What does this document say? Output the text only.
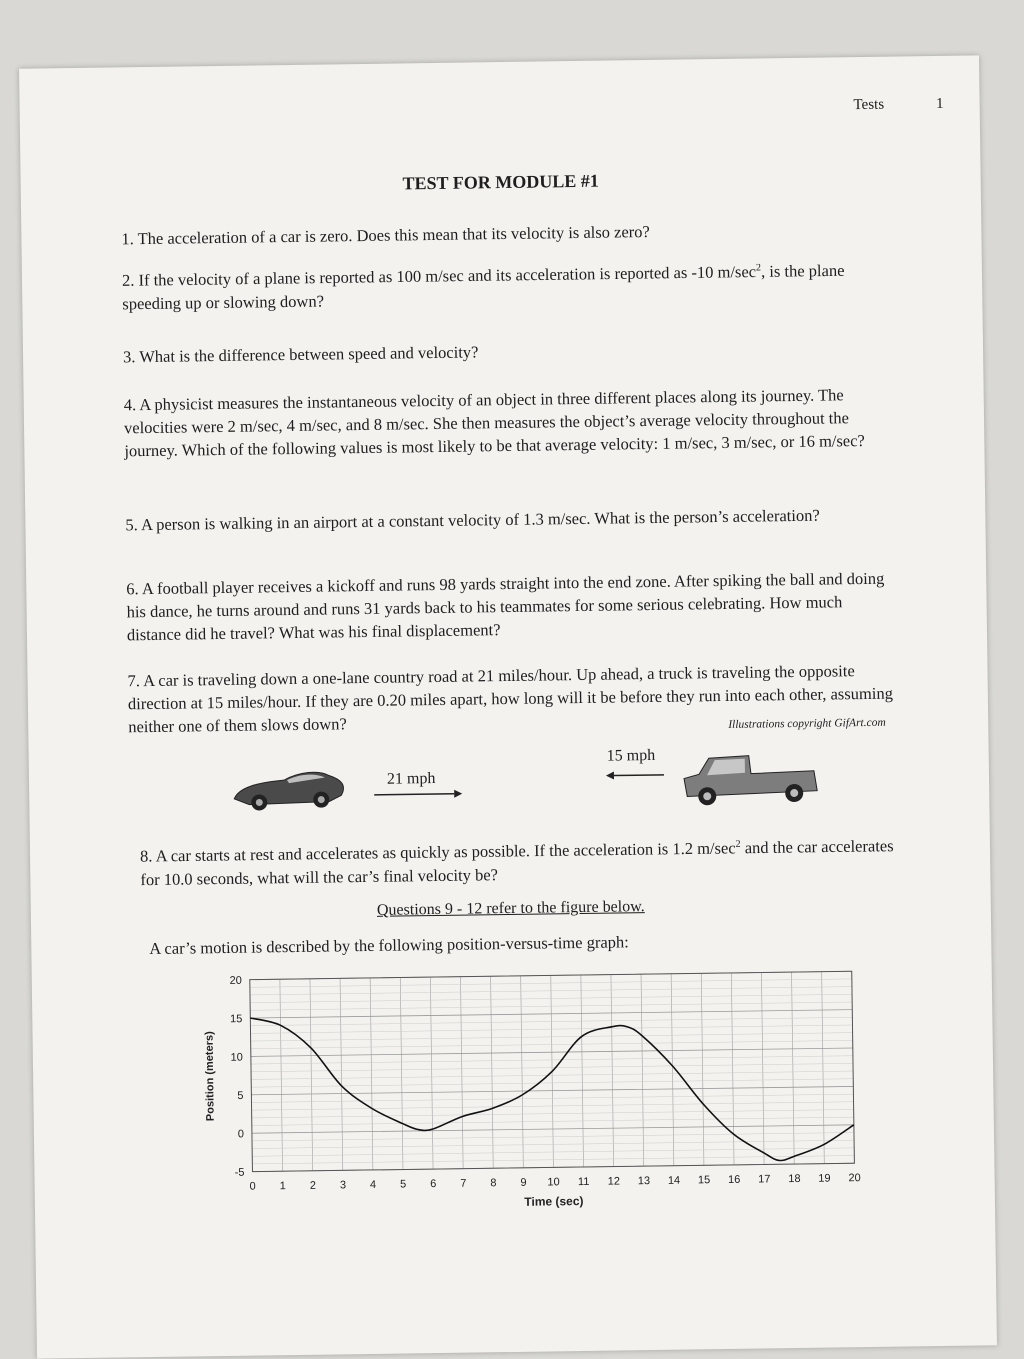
Tests	1
TEST FOR MODULE #1
1. The acceleration of a car is zero. Does this mean that its velocity is also zero?
2. If the velocity of a plane is reported as 100 m/sec and its acceleration is reported as -10 $m/\sec^2$, is the plane speeding up or slowing down?
3. What is the difference between speed and velocity?
4. A physicist measures the instantaneous velocity of an object in three different places along its journey. The velocities were 2 m/sec, 4 m/sec, and 8 m/sec. She then measures the object’s average velocity throughout the journey. Which of the following values is most likely to be that average velocity: 1 m/sec, 3 m/sec, or 16 m/sec?
5. A person is walking in an airport at a constant velocity of 1.3 m/sec. What is the person’s acceleration?
6. A football player receives a kickoff and runs 98 yards straight into the end zone. After spiking the ball and doing his dance, he turns around and runs 31 yards back to his teammates for some serious celebrating. How much distance did he travel? What was his final displacement?
7. A car is traveling down a one-lane country road at 21 miles/hour. Up ahead, a truck is traveling the opposite direction at 15 miles/hour. If they are 0.20 miles apart, how long will it be before they run into each other, assuming neither one of them slows down?	Illustrations copyright GifArt.com
21 mph
15 mph
8. A car starts at rest and accelerates as quickly as possible. If the acceleration is 1.2 $m/\sec^2$ and the car accelerates for 10.0 seconds, what will the car’s final velocity be?
Questions 9 - 12 refer to the figure below.
A car’s motion is described by the following position-versus-time graph:
0 1 2 3 4 5 6 7 8 9 10 11 12 13 14 15 16 17 18 19 20
-5
0
5
10
15
20
Time (sec)
Position (meters)
